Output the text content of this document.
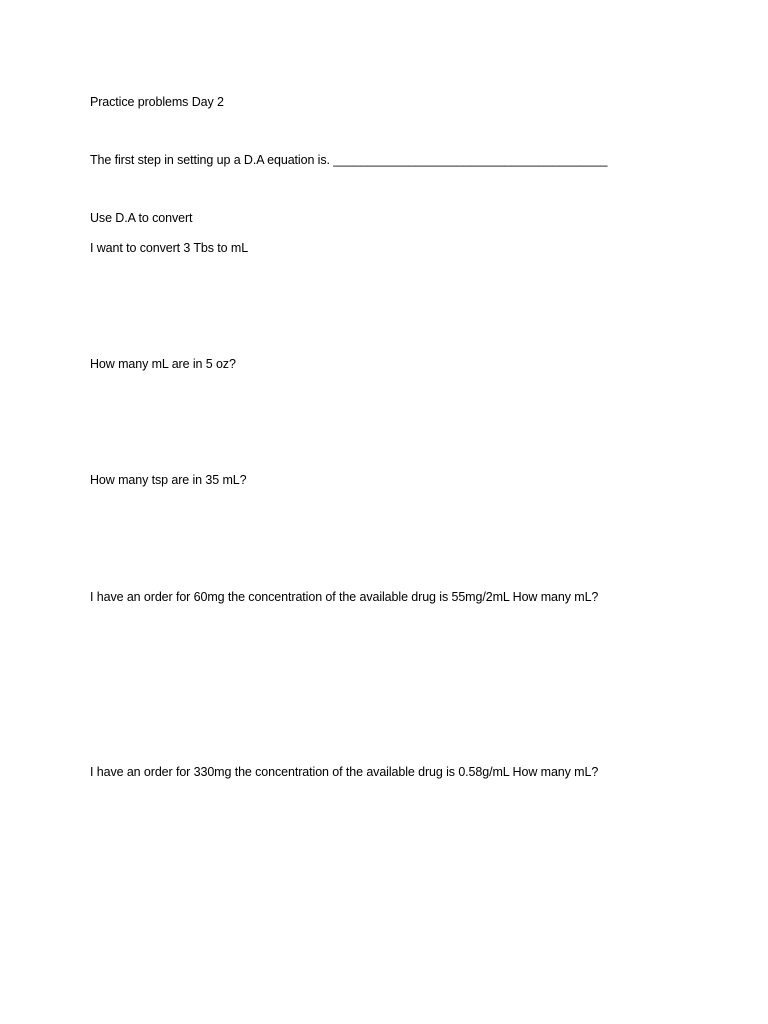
Practice problems Day 2
The first step in setting up a D.A equation is. ________________________________________
Use D.A to convert
I want to convert 3 Tbs to mL
How many mL are in 5 oz?
How many tsp are in 35 mL?
I have an order for 60mg the concentration of the available drug is 55mg/2mL How many mL?
I have an order for 330mg the concentration of the available drug is 0.58g/mL How many mL?
